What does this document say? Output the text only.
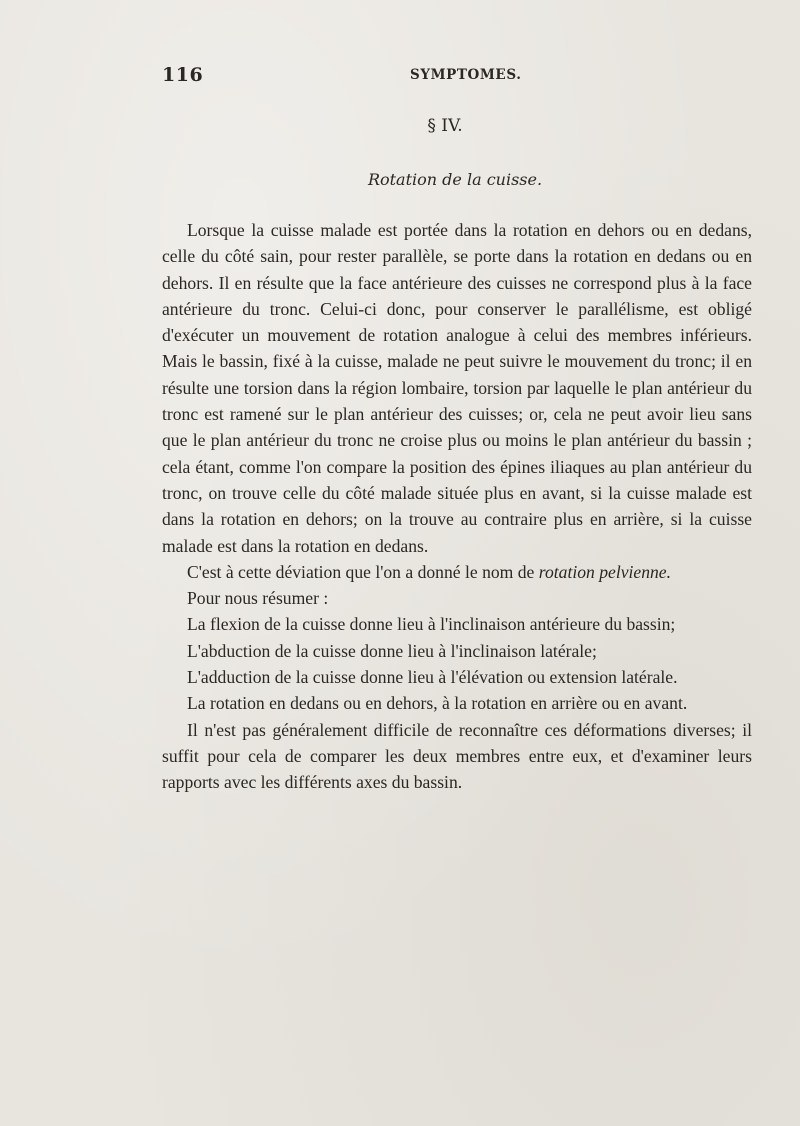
116	SYMPTOMES.
§ IV.
Rotation de la cuisse.

Lorsque la cuisse malade est portée dans la rotation en dehors ou en dedans, celle du côté sain, pour rester parallèle, se porte dans la rotation en dedans ou en dehors. Il en résulte que la face antérieure des cuisses ne correspond plus à la face antérieure du tronc. Celui-ci donc, pour conserver le parallélisme, est obligé d'exécuter un mouvement de rotation analogue à celui des membres inférieurs. Mais le bassin, fixé à la cuisse, malade ne peut suivre le mouvement du tronc; il en résulte une torsion dans la région lombaire, torsion par laquelle le plan antérieur du tronc est ramené sur le plan antérieur des cuisses; or, cela ne peut avoir lieu sans que le plan antérieur du tronc ne croise plus ou moins le plan antérieur du bassin ; cela étant, comme l'on compare la position des épines iliaques au plan antérieur du tronc, on trouve celle du côté malade située plus en avant, si la cuisse malade est dans la rotation en dehors; on la trouve au contraire plus en arrière, si la cuisse malade est dans la rotation en dedans.

C'est à cette déviation que l'on a donné le nom de rotation pelvienne.

Pour nous résumer :

La flexion de la cuisse donne lieu à l'inclinaison antérieure du bassin;

L'abduction de la cuisse donne lieu à l'inclinaison latérale;

L'adduction de la cuisse donne lieu à l'élévation ou extension latérale.

La rotation en dedans ou en dehors, à la rotation en arrière ou en avant.

Il n'est pas généralement difficile de reconnaître ces déformations diverses; il suffit pour cela de comparer les deux membres entre eux, et d'examiner leurs rapports avec les différents axes du bassin.
